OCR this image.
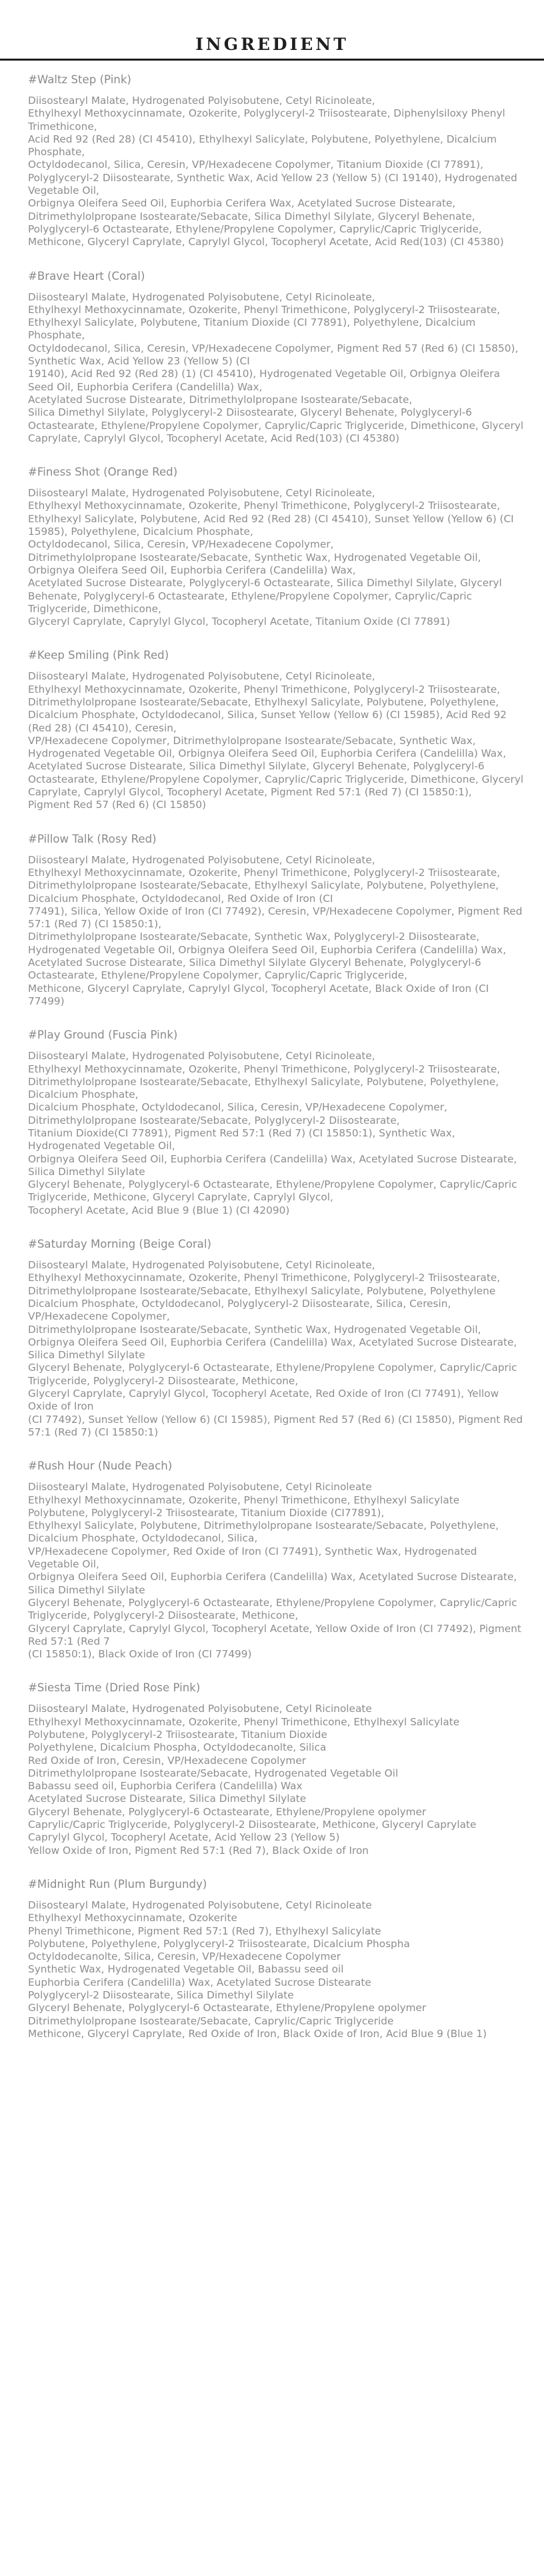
INGREDIENT
#Waltz Step (Pink)

Diisostearyl Malate, Hydrogenated Polyisobutene, Cetyl Ricinoleate,

Ethylhexyl Methoxycinnamate, Ozokerite, Polyglyceryl-2 Triisostearate, Diphenylsiloxy Phenyl Trimethicone,

Acid Red 92 (Red 28) (CI 45410), Ethylhexyl Salicylate, Polybutene, Polyethylene, Dicalcium Phosphate,

Octyldodecanol, Silica, Ceresin, VP/Hexadecene Copolymer, Titanium Dioxide (CI 77891), Polyglyceryl-2 Diisostearate, Synthetic Wax, Acid Yellow 23 (Yellow 5) (CI 19140), Hydrogenated Vegetable Oil,

Orbignya Oleifera Seed Oil, Euphorbia Cerifera Wax, Acetylated Sucrose Distearate, Ditrimethylolpropane Isostearate/Sebacate, Silica Dimethyl Silylate, Glyceryl Behenate, Polyglyceryl-6 Octastearate, Ethylene/Propylene Copolymer, Caprylic/Capric Triglyceride,

Methicone, Glyceryl Caprylate, Caprylyl Glycol, Tocopheryl Acetate, Acid Red(103) (CI 45380)

#Brave Heart (Coral)

Diisostearyl Malate, Hydrogenated Polyisobutene, Cetyl Ricinoleate,

Ethylhexyl Methoxycinnamate, Ozokerite, Phenyl Trimethicone, Polyglyceryl-2 Triisostearate,

Ethylhexyl Salicylate, Polybutene, Titanium Dioxide (CI 77891), Polyethylene, Dicalcium Phosphate,

Octyldodecanol, Silica, Ceresin, VP/Hexadecene Copolymer, Pigment Red 57 (Red 6) (CI 15850), Synthetic Wax, Acid Yellow 23 (Yellow 5) (CI

19140), Acid Red 92 (Red 28) (1) (CI 45410), Hydrogenated Vegetable Oil, Orbignya Oleifera Seed Oil, Euphorbia Cerifera (Candelilla) Wax,

Acetylated Sucrose Distearate, Ditrimethylolpropane Isostearate/Sebacate,

Silica Dimethyl Silylate, Polyglyceryl-2 Diisostearate, Glyceryl Behenate, Polyglyceryl-6 Octastearate, Ethylene/Propylene Copolymer, Caprylic/Capric Triglyceride, Dimethicone, Glyceryl Caprylate, Caprylyl Glycol, Tocopheryl Acetate, Acid Red(103) (CI 45380)

#Finess Shot (Orange Red)

Diisostearyl Malate, Hydrogenated Polyisobutene, Cetyl Ricinoleate,

Ethylhexyl Methoxycinnamate, Ozokerite, Phenyl Trimethicone, Polyglyceryl-2 Triisostearate,

Ethylhexyl Salicylate, Polybutene, Acid Red 92 (Red 28) (CI 45410), Sunset Yellow (Yellow 6) (CI 15985), Polyethylene, Dicalcium Phosphate,

Octyldodecanol, Silica, Ceresin, VP/Hexadecene Copolymer,

Ditrimethylolpropane Isostearate/Sebacate, Synthetic Wax, Hydrogenated Vegetable Oil, Orbignya Oleifera Seed Oil, Euphorbia Cerifera (Candelilla) Wax,

Acetylated Sucrose Distearate, Polyglyceryl-6 Octastearate, Silica Dimethyl Silylate, Glyceryl Behenate, Polyglyceryl-6 Octastearate, Ethylene/Propylene Copolymer, Caprylic/Capric Triglyceride, Dimethicone,

Glyceryl Caprylate, Caprylyl Glycol, Tocopheryl Acetate, Titanium Oxide (CI 77891)

#Keep Smiling (Pink Red)

Diisostearyl Malate, Hydrogenated Polyisobutene, Cetyl Ricinoleate,

Ethylhexyl Methoxycinnamate, Ozokerite, Phenyl Trimethicone, Polyglyceryl-2 Triisostearate, Ditrimethylolpropane Isostearate/Sebacate, Ethylhexyl Salicylate, Polybutene, Polyethylene,

Dicalcium Phosphate, Octyldodecanol, Silica, Sunset Yellow (Yellow 6) (CI 15985), Acid Red 92 (Red 28) (CI 45410), Ceresin,

VP/Hexadecene Copolymer, Ditrimethylolpropane Isostearate/Sebacate, Synthetic Wax, Hydrogenated Vegetable Oil, Orbignya Oleifera Seed Oil, Euphorbia Cerifera (Candelilla) Wax,

Acetylated Sucrose Distearate, Silica Dimethyl Silylate, Glyceryl Behenate, Polyglyceryl-6 Octastearate, Ethylene/Propylene Copolymer, Caprylic/Capric Triglyceride, Dimethicone, Glyceryl Caprylate, Caprylyl Glycol, Tocopheryl Acetate, Pigment Red 57:1 (Red 7) (CI 15850:1),

Pigment Red 57 (Red 6) (CI 15850)

#Pillow Talk (Rosy Red)

Diisostearyl Malate, Hydrogenated Polyisobutene, Cetyl Ricinoleate,

Ethylhexyl Methoxycinnamate, Ozokerite, Phenyl Trimethicone, Polyglyceryl-2 Triisostearate, Ditrimethylolpropane Isostearate/Sebacate, Ethylhexyl Salicylate, Polybutene, Polyethylene, Dicalcium Phosphate, Octyldodecanol, Red Oxide of Iron (CI

77491), Silica, Yellow Oxide of Iron (CI 77492), Ceresin, VP/Hexadecene Copolymer, Pigment Red 57:1 (Red 7) (CI 15850:1),

Ditrimethylolpropane Isostearate/Sebacate, Synthetic Wax, Polyglyceryl-2 Diisostearate, Hydrogenated Vegetable Oil, Orbignya Oleifera Seed Oil, Euphorbia Cerifera (Candelilla) Wax,

Acetylated Sucrose Distearate, Silica Dimethyl Silylate Glyceryl Behenate, Polyglyceryl-6 Octastearate, Ethylene/Propylene Copolymer, Caprylic/Capric Triglyceride,

Methicone, Glyceryl Caprylate, Caprylyl Glycol, Tocopheryl Acetate, Black Oxide of Iron (CI 77499)

#Play Ground (Fuscia Pink)

Diisostearyl Malate, Hydrogenated Polyisobutene, Cetyl Ricinoleate,

Ethylhexyl Methoxycinnamate, Ozokerite, Phenyl Trimethicone, Polyglyceryl-2 Triisostearate, Ditrimethylolpropane Isostearate/Sebacate, Ethylhexyl Salicylate, Polybutene, Polyethylene, Dicalcium Phosphate,

Dicalcium Phosphate, Octyldodecanol, Silica, Ceresin, VP/Hexadecene Copolymer,

Ditrimethylolpropane Isostearate/Sebacate, Polyglyceryl-2 Diisostearate,

Titanium Dioxide(CI 77891), Pigment Red 57:1 (Red 7) (CI 15850:1), Synthetic Wax, Hydrogenated Vegetable Oil,

Orbignya Oleifera Seed Oil, Euphorbia Cerifera (Candelilla) Wax, Acetylated Sucrose Distearate, Silica Dimethyl Silylate

Glyceryl Behenate, Polyglyceryl-6 Octastearate, Ethylene/Propylene Copolymer, Caprylic/Capric Triglyceride, Methicone, Glyceryl Caprylate, Caprylyl Glycol,

Tocopheryl Acetate, Acid Blue 9 (Blue 1) (CI 42090)

#Saturday Morning (Beige Coral)

Diisostearyl Malate, Hydrogenated Polyisobutene, Cetyl Ricinoleate,

Ethylhexyl Methoxycinnamate, Ozokerite, Phenyl Trimethicone, Polyglyceryl-2 Triisostearate, Ditrimethylolpropane Isostearate/Sebacate, Ethylhexyl Salicylate, Polybutene, Polyethylene Dicalcium Phosphate, Octyldodecanol, Polyglyceryl-2 Diisostearate, Silica, Ceresin, VP/Hexadecene Copolymer,

Ditrimethylolpropane Isostearate/Sebacate, Synthetic Wax, Hydrogenated Vegetable Oil, Orbignya Oleifera Seed Oil, Euphorbia Cerifera (Candelilla) Wax, Acetylated Sucrose Distearate, Silica Dimethyl Silylate

Glyceryl Behenate, Polyglyceryl-6 Octastearate, Ethylene/Propylene Copolymer, Caprylic/Capric Triglyceride, Polyglyceryl-2 Diisostearate, Methicone,

Glyceryl Caprylate, Caprylyl Glycol, Tocopheryl Acetate, Red Oxide of Iron (CI 77491), Yellow Oxide of Iron

(CI 77492), Sunset Yellow (Yellow 6) (CI 15985), Pigment Red 57 (Red 6) (CI 15850), Pigment Red 57:1 (Red 7) (CI 15850:1)

#Rush Hour (Nude Peach)

Diisostearyl Malate, Hydrogenated Polyisobutene, Cetyl Ricinoleate

Ethylhexyl Methoxycinnamate, Ozokerite, Phenyl Trimethicone, Ethylhexyl Salicylate

Polybutene, Polyglyceryl-2 Triisostearate, Titanium Dioxide (CI77891),

Ethylhexyl Salicylate, Polybutene, Ditrimethylolpropane Isostearate/Sebacate, Polyethylene,

Dicalcium Phosphate, Octyldodecanol, Silica,

VP/Hexadecene Copolymer, Red Oxide of Iron (CI 77491), Synthetic Wax, Hydrogenated Vegetable Oil,

Orbignya Oleifera Seed Oil, Euphorbia Cerifera (Candelilla) Wax, Acetylated Sucrose Distearate, Silica Dimethyl Silylate

Glyceryl Behenate, Polyglyceryl-6 Octastearate, Ethylene/Propylene Copolymer, Caprylic/Capric Triglyceride, Polyglyceryl-2 Diisostearate, Methicone,

Glyceryl Caprylate, Caprylyl Glycol, Tocopheryl Acetate, Yellow Oxide of Iron (CI 77492), Pigment Red 57:1 (Red 7

(CI 15850:1), Black Oxide of Iron (CI 77499)

#Siesta Time (Dried Rose Pink)

Diisostearyl Malate, Hydrogenated Polyisobutene, Cetyl Ricinoleate

Ethylhexyl Methoxycinnamate, Ozokerite, Phenyl Trimethicone, Ethylhexyl Salicylate

Polybutene, Polyglyceryl-2 Triisostearate, Titanium Dioxide

Polyethylene, Dicalcium Phospha, Octyldodecanolte, Silica

Red Oxide of Iron, Ceresin, VP/Hexadecene Copolymer

Ditrimethylolpropane Isostearate/Sebacate, Hydrogenated Vegetable Oil

Babassu seed oil, Euphorbia Cerifera (Candelilla) Wax

Acetylated Sucrose Distearate, Silica Dimethyl Silylate

Glyceryl Behenate, Polyglyceryl-6 Octastearate, Ethylene/Propylene opolymer

Caprylic/Capric Triglyceride, Polyglyceryl-2 Diisostearate, Methicone, Glyceryl Caprylate

Caprylyl Glycol, Tocopheryl Acetate, Acid Yellow 23 (Yellow 5)

Yellow Oxide of Iron, Pigment Red 57:1 (Red 7), Black Oxide of Iron

#Midnight Run (Plum Burgundy)

Diisostearyl Malate, Hydrogenated Polyisobutene, Cetyl Ricinoleate

Ethylhexyl Methoxycinnamate, Ozokerite

Phenyl Trimethicone, Pigment Red 57:1 (Red 7), Ethylhexyl Salicylate

Polybutene, Polyethylene, Polyglyceryl-2 Triisostearate, Dicalcium Phospha

Octyldodecanolte, Silica, Ceresin, VP/Hexadecene Copolymer

Synthetic Wax, Hydrogenated Vegetable Oil, Babassu seed oil

Euphorbia Cerifera (Candelilla) Wax, Acetylated Sucrose Distearate

Polyglyceryl-2 Diisostearate, Silica Dimethyl Silylate

Glyceryl Behenate, Polyglyceryl-6 Octastearate, Ethylene/Propylene opolymer

Ditrimethylolpropane Isostearate/Sebacate, Caprylic/Capric Triglyceride

Methicone, Glyceryl Caprylate, Red Oxide of Iron, Black Oxide of Iron, Acid Blue 9 (Blue 1)
